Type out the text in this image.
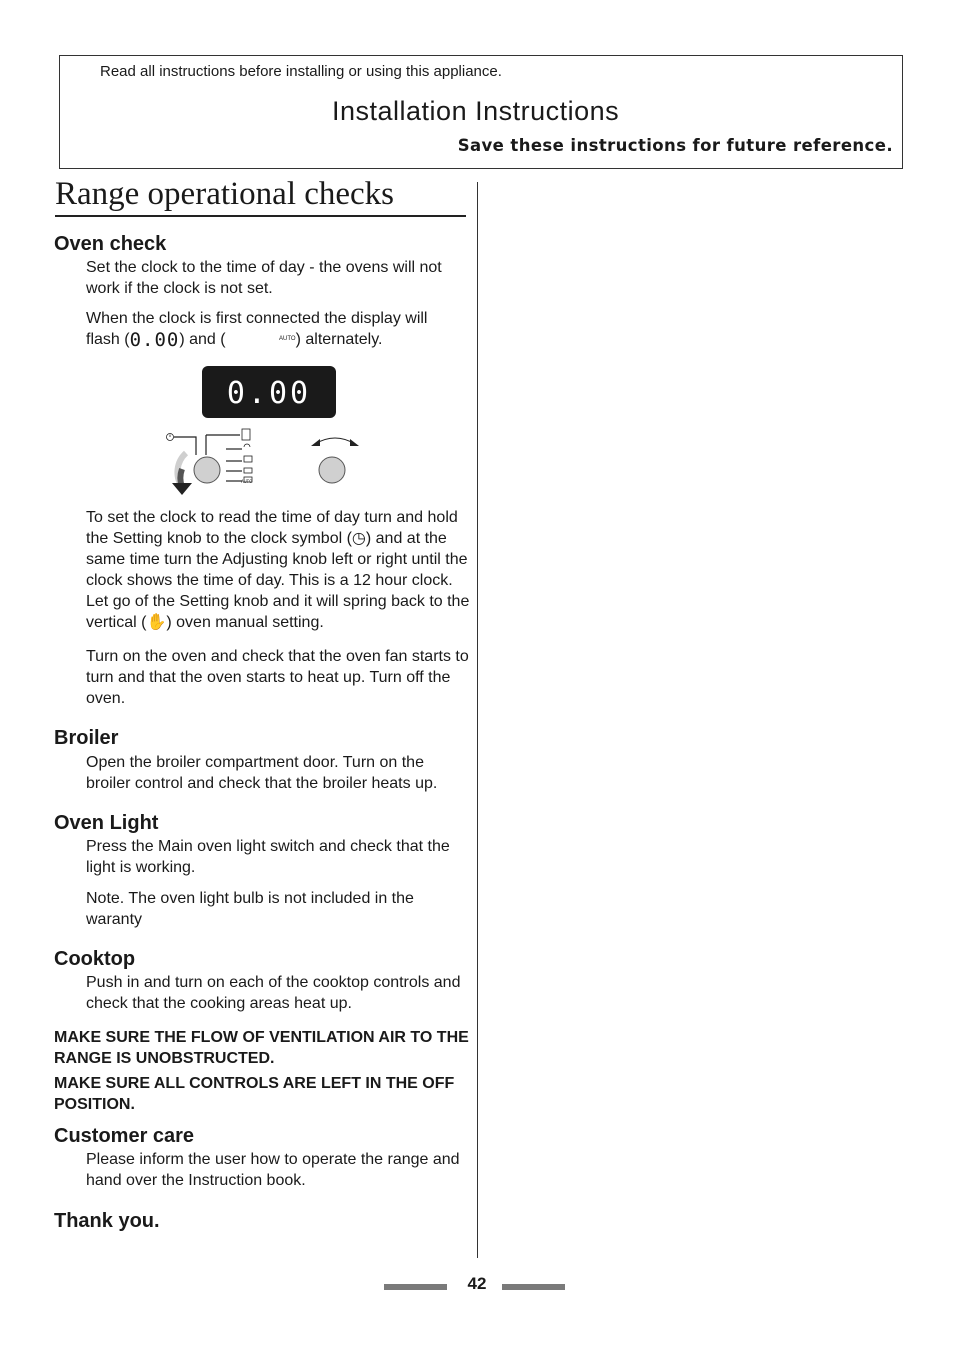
Read all instructions before installing or using this appliance.
Installation Instructions
Save these instructions for future reference.
Range operational checks
Oven check

Set the clock to the time of day - the ovens will not work if the clock is not set.

When the clock is first connected the display will
flash (0.00) and (	AUTO) alternately.

0.00
AUTO

To set the clock to read the time of day turn and hold the Setting knob to the clock symbol (◷) and at the same time turn the Adjusting knob left or right until the clock shows the time of day. This is a 12 hour clock. Let go of the Setting knob and it will spring back to the vertical (✋) oven manual setting.

Turn on the oven and check that the oven fan starts to turn and that the oven starts to heat up. Turn off the oven.

Broiler

Open the broiler compartment door. Turn on the broiler control and check that the broiler heats up.

Oven Light

Press the Main oven light switch and check that the light is working.

Note. The oven light bulb is not included in the waranty

Cooktop

Push in and turn on each of the cooktop controls and check that the cooking areas heat up.

MAKE SURE THE FLOW OF VENTILATION AIR TO THE RANGE IS UNOBSTRUCTED.

MAKE SURE ALL CONTROLS ARE LEFT IN THE OFF POSITION.

Customer care

Please inform the user how to operate the range and hand over the Instruction book.

Thank you.
42
